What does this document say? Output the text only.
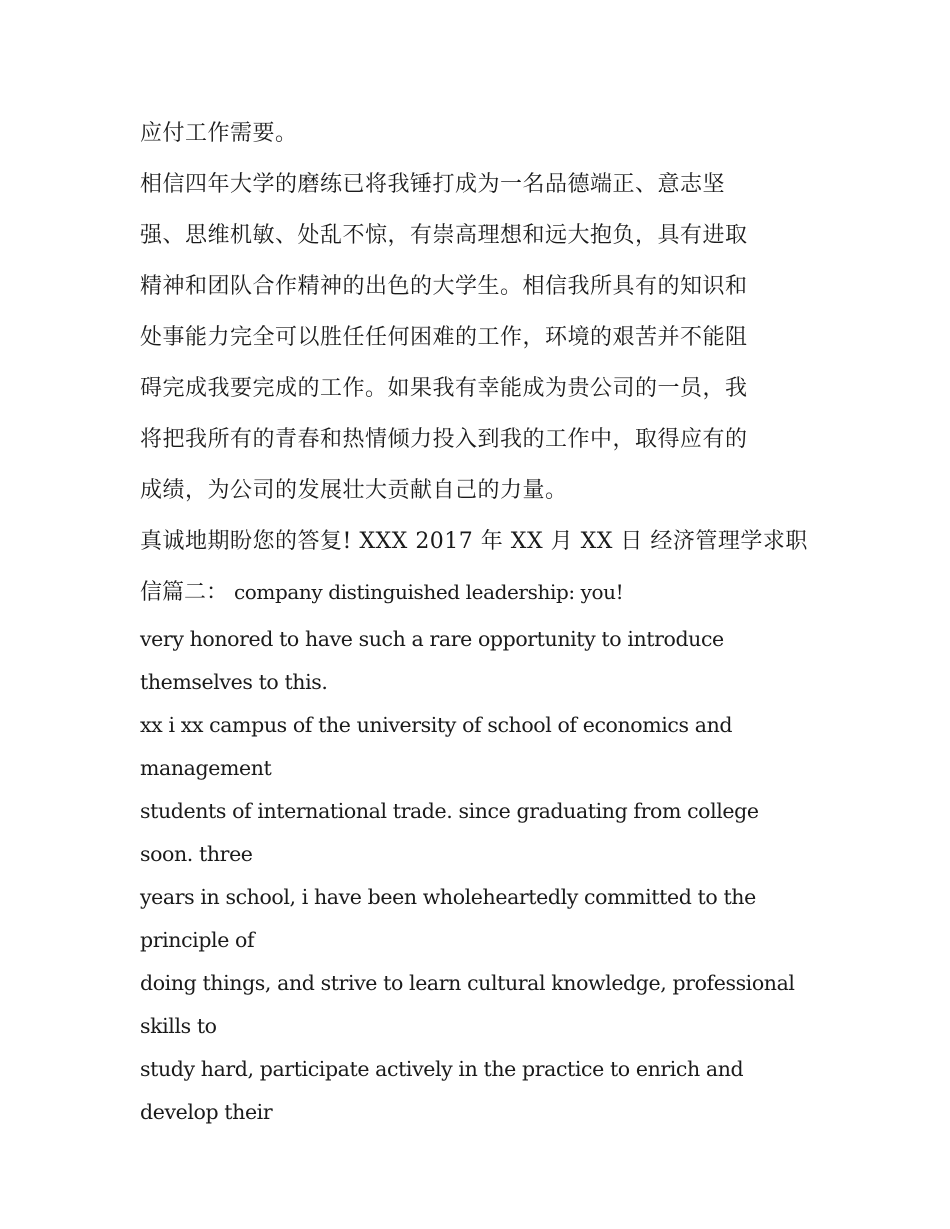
应付工作需要。

相信四年大学的磨练已将我锤打成为一名品德端正、意志坚

强、思维机敏、处乱不惊，有崇高理想和远大抱负，具有进取

精神和团队合作精神的出色的大学生。相信我所具有的知识和

处事能力完全可以胜任任何困难的工作，环境的艰苦并不能阻

碍完成我要完成的工作。如果我有幸能成为贵公司的一员，我

将把我所有的青春和热情倾力投入到我的工作中，取得应有的

成绩，为公司的发展壮大贡献自己的力量。

真诚地期盼您的答复! XXX 2017 年 XX 月 XX 日 经济管理学求职

信篇二： company distinguished leadership: you!

very honored to have such a rare opportunity to introduce

themselves to this.

xx i xx campus of the university of school of economics and

management

students of international trade. since graduating from college

soon. three

years in school, i have been wholeheartedly committed to the

principle of

doing things, and strive to learn cultural knowledge, professional

skills to

study hard, participate actively in the practice to enrich and

develop their
